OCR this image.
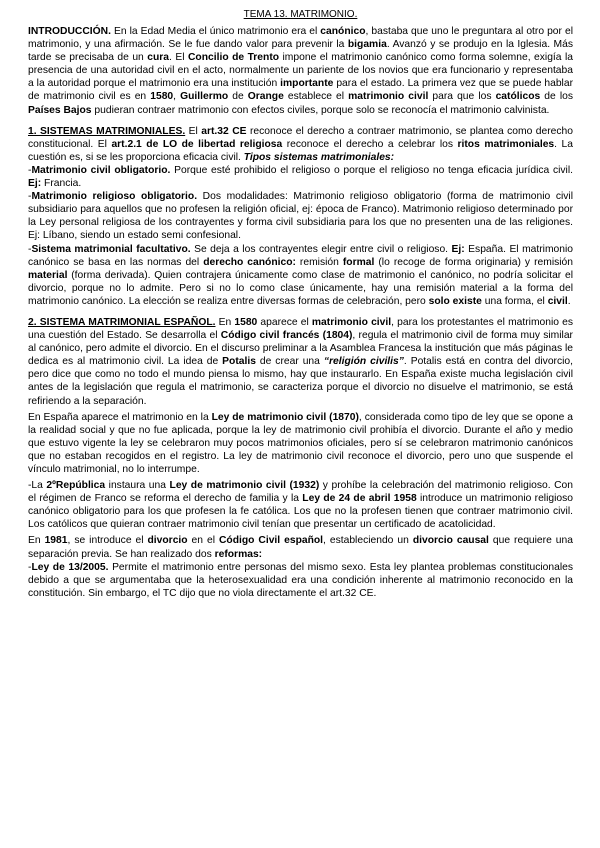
TEMA 13. MATRIMONIO.

INTRODUCCIÓN. En la Edad Media el único matrimonio era el canónico, bastaba que uno le preguntara al otro por el matrimonio, y una afirmación. Se le fue dando valor para prevenir la bigamia. Avanzó y se produjo en la Iglesia. Más tarde se precisaba de un cura. El Concilio de Trento impone el matrimonio canónico como forma solemne, exigía la presencia de una autoridad civil en el acto, normalmente un pariente de los novios que era funcionario y representaba a la autoridad porque el matrimonio era una institución importante para el estado. La primera vez que se puede hablar de matrimonio civil es en 1580, Guillermo de Orange establece el matrimonio civil para que los católicos de los Países Bajos pudieran contraer matrimonio con efectos civiles, porque solo se reconocía el matrimonio calvinista.

1. SISTEMAS MATRIMONIALES. El art.32 CE reconoce el derecho a contraer matrimonio, se plantea como derecho constitucional. El art.2.1 de LO de libertad religiosa reconoce el derecho a celebrar los ritos matrimoniales. La cuestión es, si se les proporciona eficacia civil. Tipos sistemas matrimoniales:

-Matrimonio civil obligatorio. Porque esté prohibido el religioso o porque el religioso no tenga eficacia jurídica civil. Ej: Francia.

-Matrimonio religioso obligatorio. Dos modalidades: Matrimonio religioso obligatorio (forma de matrimonio civil subsidiario para aquellos que no profesen la religión oficial, ej: época de Franco). Matrimonio religioso determinado por la Ley personal religiosa de los contrayentes y forma civil subsidiaria para los que no presenten una de las religiones. Ej: Líbano, siendo un estado semi confesional.

-Sistema matrimonial facultativo. Se deja a los contrayentes elegir entre civil o religioso. Ej: España. El matrimonio canónico se basa en las normas del derecho canónico: remisión formal (lo recoge de forma originaria) y remisión material (forma derivada). Quien contrajera únicamente como clase de matrimonio el canónico, no podría solicitar el divorcio, porque no lo admite. Pero si no lo como clase únicamente, hay una remisión material a la forma del matrimonio canónico. La elección se realiza entre diversas formas de celebración, pero solo existe una forma, el civil.

2. SISTEMA MATRIMONIAL ESPAÑOL. En 1580 aparece el matrimonio civil, para los protestantes el matrimonio es una cuestión del Estado. Se desarrolla el Código civil francés (1804), regula el matrimonio civil de forma muy similar al canónico, pero admite el divorcio. En el discurso preliminar a la Asamblea Francesa la institución que más páginas le dedica es al matrimonio civil. La idea de Potalis de crear una “religión civilis”. Potalis está en contra del divorcio, pero dice que como no todo el mundo piensa lo mismo, hay que instaurarlo. En España existe mucha legislación civil antes de la legislación que regula el matrimonio, se caracteriza porque el divorcio no disuelve el matrimonio, se está refiriendo a la separación.

En España aparece el matrimonio en la Ley de matrimonio civil (1870), considerada como tipo de ley que se opone a la realidad social y que no fue aplicada, porque la ley de matrimonio civil prohibía el divorcio. Durante el año y medio que estuvo vigente la ley se celebraron muy pocos matrimonios oficiales, pero sí se celebraron matrimonio canónicos que no estaban recogidos en el registro. La ley de matrimonio civil reconoce el divorcio, pero uno que suspende el vínculo matrimonial, no lo interrumpe.

-La 2ºRepública instaura una Ley de matrimonio civil (1932) y prohíbe la celebración del matrimonio religioso. Con el régimen de Franco se reforma el derecho de familia y la Ley de 24 de abril 1958 introduce un matrimonio religioso canónico obligatorio para los que profesen la fe católica. Los que no la profesen tienen que contraer matrimonio civil. Los católicos que quieran contraer matrimonio civil tenían que presentar un certificado de acatolicidad.

En 1981, se introduce el divorcio en el Código Civil español, estableciendo un divorcio causal que requiere una separación previa. Se han realizado dos reformas:

-Ley de 13/2005. Permite el matrimonio entre personas del mismo sexo. Esta ley plantea problemas constitucionales debido a que se argumentaba que la heterosexualidad era una condición inherente al matrimonio reconocido en la constitución. Sin embargo, el TC dijo que no viola directamente el art.32 CE.
